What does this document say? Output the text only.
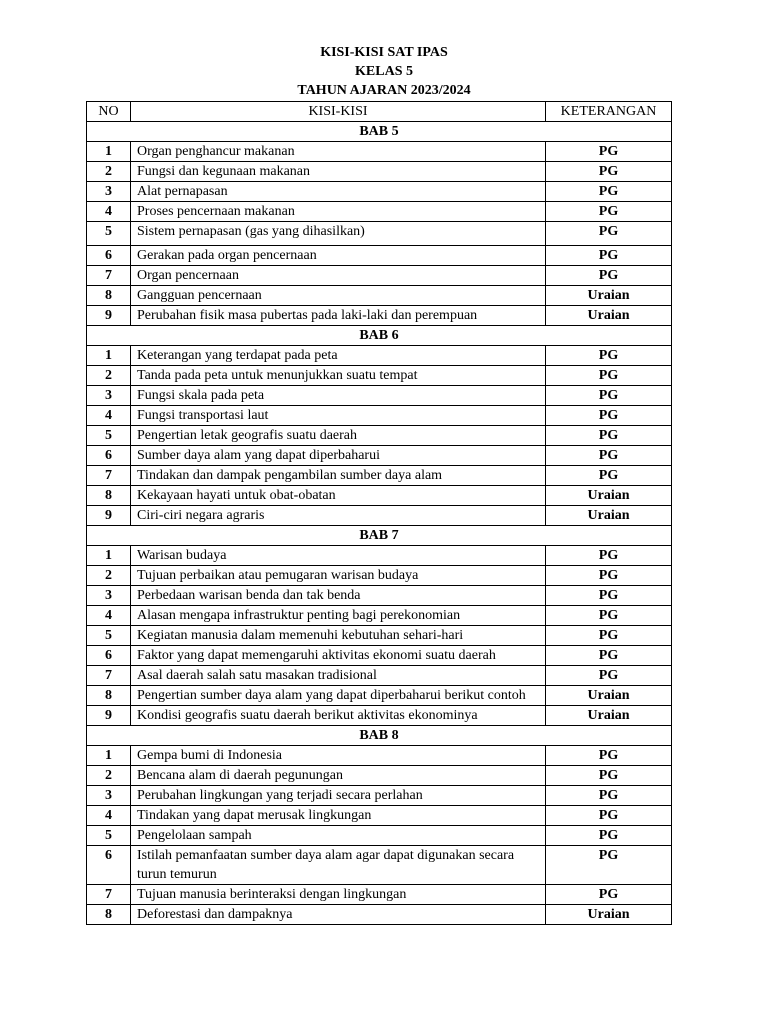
KISI-KISI SAT IPAS
KELAS 5
TAHUN AJARAN 2023/2024
NO	KISI-KISI	KETERANGAN
BAB 5		
1	Organ penghancur makanan	PG
2	Fungsi dan kegunaan makanan	PG
3	Alat pernapasan	PG
4	Proses pencernaan makanan	PG
5	Sistem pernapasan (gas yang dihasilkan)	PG
6	Gerakan pada organ pencernaan	PG
7	Organ pencernaan	PG
8	Gangguan pencernaan	Uraian
9	Perubahan fisik masa pubertas pada laki-laki dan perempuan	Uraian
BAB 6		
1	Keterangan yang terdapat pada peta	PG
2	Tanda pada peta untuk menunjukkan suatu tempat	PG
3	Fungsi skala pada peta	PG
4	Fungsi transportasi laut	PG
5	Pengertian letak geografis suatu daerah	PG
6	Sumber daya alam yang dapat diperbaharui	PG
7	Tindakan dan dampak pengambilan sumber daya alam	PG
8	Kekayaan hayati untuk obat-obatan	Uraian
9	Ciri-ciri negara agraris	Uraian
BAB 7		
1	Warisan budaya	PG
2	Tujuan perbaikan atau pemugaran warisan budaya	PG
3	Perbedaan warisan benda dan tak benda	PG
4	Alasan mengapa infrastruktur penting bagi perekonomian	PG
5	Kegiatan manusia dalam memenuhi kebutuhan sehari-hari	PG
6	Faktor yang dapat memengaruhi aktivitas ekonomi suatu daerah	PG
7	Asal daerah salah satu masakan tradisional	PG
8	Pengertian sumber daya alam yang dapat diperbaharui berikut contoh	Uraian
9	Kondisi geografis suatu daerah berikut aktivitas ekonominya	Uraian
BAB 8		
1	Gempa bumi di Indonesia	PG
2	Bencana alam di daerah pegunungan	PG
3	Perubahan lingkungan yang terjadi secara perlahan	PG
4	Tindakan yang dapat merusak lingkungan	PG
5	Pengelolaan sampah	PG
6	Istilah pemanfaatan sumber daya alam agar dapat digunakan secara turun temurun	PG
7	Tujuan manusia berinteraksi dengan lingkungan	PG
8	Deforestasi dan dampaknya	Uraian
